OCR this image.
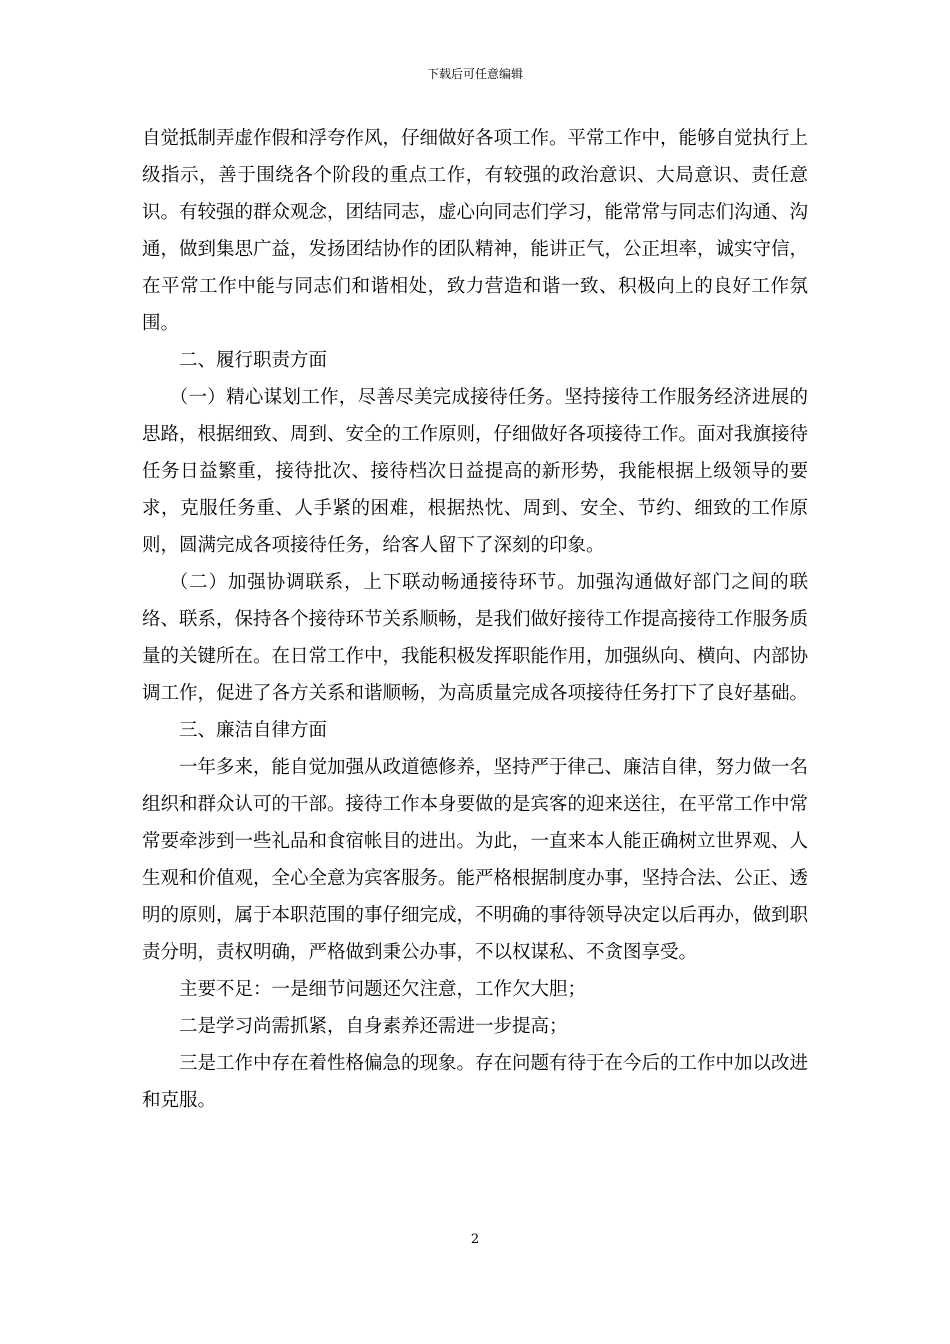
下载后可任意编辑

自觉抵制弄虚作假和浮夸作风，仔细做好各项工作。平常工作中，能够自觉执行上级指示，善于围绕各个阶段的重点工作，有较强的政治意识、大局意识、责任意识。有较强的群众观念，团结同志，虚心向同志们学习，能常常与同志们沟通、沟通，做到集思广益，发扬团结协作的团队精神，能讲正气，公正坦率，诚实守信，在平常工作中能与同志们和谐相处，致力营造和谐一致、积极向上的良好工作氛围。

二、履行职责方面

（一）精心谋划工作，尽善尽美完成接待任务。坚持接待工作服务经济进展的思路，根据细致、周到、安全的工作原则，仔细做好各项接待工作。面对我旗接待任务日益繁重，接待批次、接待档次日益提高的新形势，我能根据上级领导的要求，克服任务重、人手紧的困难，根据热忱、周到、安全、节约、细致的工作原则，圆满完成各项接待任务，给客人留下了深刻的印象。

（二）加强协调联系，上下联动畅通接待环节。加强沟通做好部门之间的联络、联系，保持各个接待环节关系顺畅，是我们做好接待工作提高接待工作服务质量的关键所在。在日常工作中，我能积极发挥职能作用，加强纵向、横向、内部协调工作，促进了各方关系和谐顺畅，为高质量完成各项接待任务打下了良好基础。

三、廉洁自律方面

一年多来，能自觉加强从政道德修养，坚持严于律己、廉洁自律，努力做一名组织和群众认可的干部。接待工作本身要做的是宾客的迎来送往，在平常工作中常常要牵涉到一些礼品和食宿帐目的进出。为此，一直来本人能正确树立世界观、人生观和价值观，全心全意为宾客服务。能严格根据制度办事，坚持合法、公正、透明的原则，属于本职范围的事仔细完成，不明确的事待领导决定以后再办，做到职责分明，责权明确，严格做到秉公办事，不以权谋私、不贪图享受。

主要不足：一是细节问题还欠注意，工作欠大胆；

二是学习尚需抓紧，自身素养还需进一步提高；

三是工作中存在着性格偏急的现象。存在问题有待于在今后的工作中加以改进和克服。

2
